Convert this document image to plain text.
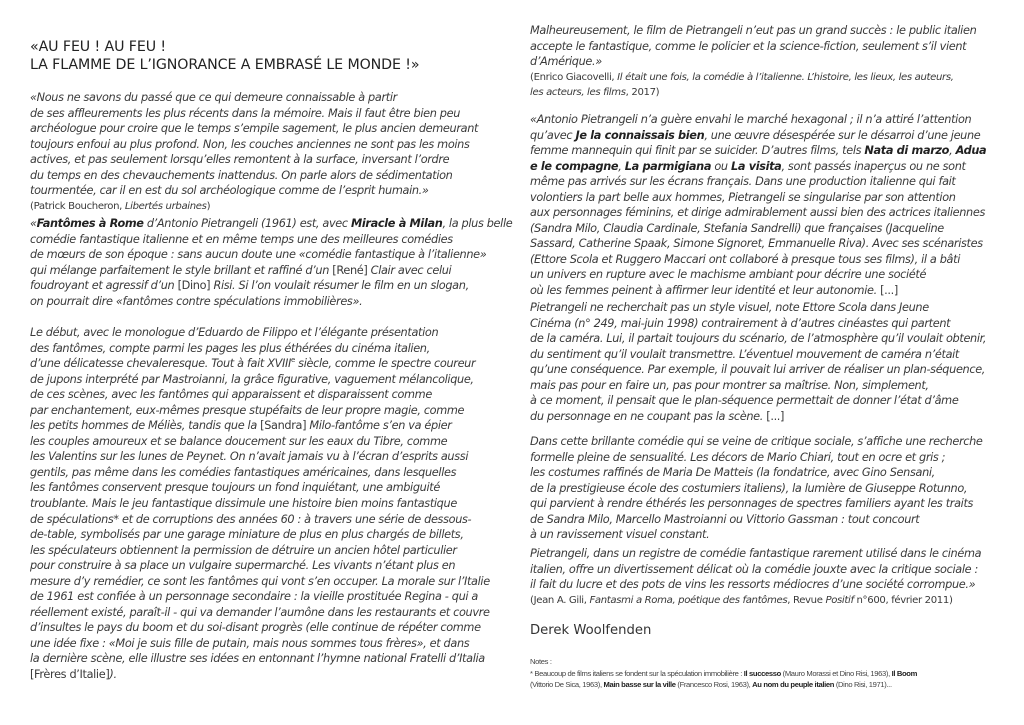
«AU FEU ! AU FEU !
LA FLAMME DE L’IGNORANCE A EMBRASÉ LE MONDE !»
«Nous ne savons du passé que ce qui demeure connaissable à partir
de ses affleurements les plus récents dans la mémoire. Mais il faut être bien peu
archéologue pour croire que le temps s’empile sagement, le plus ancien demeurant
toujours enfoui au plus profond. Non, les couches anciennes ne sont pas les moins
actives, et pas seulement lorsqu’elles remontent à la surface, inversant l’ordre
du temps en des chevauchements inattendus. On parle alors de sédimentation
tourmentée, car il en est du sol archéologique comme de l’esprit humain.»
(Patrick Boucheron, Libertés urbaines)
«Fantômes à Rome d’Antonio Pietrangeli (1961) est, avec Miracle à Milan, la plus belle
comédie fantastique italienne et en même temps une des meilleures comédies
de mœurs de son époque : sans aucun doute une «comédie fantastique à l’italienne»
qui mélange parfaitement le style brillant et raffiné d’un [René] Clair avec celui
foudroyant et agressif d’un [Dino] Risi. Si l’on voulait résumer le film en un slogan,
on pourrait dire «fantômes contre spéculations immobilières».
Le début, avec le monologue d’Eduardo de Filippo et l’élégante présentation
des fantômes, compte parmi les pages les plus éthérées du cinéma italien,
d’une délicatesse chevaleresque. Tout à fait XVIIIe siècle, comme le spectre coureur
de jupons interprété par Mastroianni, la grâce figurative, vaguement mélancolique,
de ces scènes, avec les fantômes qui apparaissent et disparaissent comme
par enchantement, eux-mêmes presque stupéfaits de leur propre magie, comme
les petits hommes de Méliès, tandis que la [Sandra] Milo-fantôme s’en va épier
les couples amoureux et se balance doucement sur les eaux du Tibre, comme
les Valentins sur les lunes de Peynet. On n’avait jamais vu à l’écran d’esprits aussi
gentils, pas même dans les comédies fantastiques américaines, dans lesquelles
les fantômes conservent presque toujours un fond inquiétant, une ambiguité
troublante. Mais le jeu fantastique dissimule une histoire bien moins fantastique
de spéculations* et de corruptions des années 60 : à travers une série de dessous-
de-table, symbolisés par une garage miniature de plus en plus chargés de billets,
les spéculateurs obtiennent la permission de détruire un ancien hôtel particulier
pour construire à sa place un vulgaire supermarché. Les vivants n’étant plus en
mesure d’y remédier, ce sont les fantômes qui vont s’en occuper. La morale sur l’Italie
de 1961 est confiée à un personnage secondaire : la vieille prostituée Regina - qui a
réellement existé, paraît-il - qui va demander l’aumône dans les restaurants et couvre
d’insultes le pays du boom et du soi-disant progrès (elle continue de répéter comme
une idée fixe : «Moi je suis fille de putain, mais nous sommes tous frères», et dans
la dernière scène, elle illustre ses idées en entonnant l’hymne national Fratelli d’Italia
[Frères d’Italie]).
Malheureusement, le film de Pietrangeli n’eut pas un grand succès : le public italien
accepte le fantastique, comme le policier et la science-fiction, seulement s’il vient
d’Amérique.»
(Enrico Giacovelli, Il était une fois, la comédie à l’italienne. L’histoire, les lieux, les auteurs,
les acteurs, les films, 2017)
«Antonio Pietrangeli n’a guère envahi le marché hexagonal ; il n’a attiré l’attention
qu’avec Je la connaissais bien, une œuvre désespérée sur le désarroi d’une jeune
femme mannequin qui finit par se suicider. D’autres films, tels Nata di marzo, Adua
e le compagne, La parmigiana ou La visita, sont passés inaperçus ou ne sont
même pas arrivés sur les écrans français. Dans une production italienne qui fait
volontiers la part belle aux hommes, Pietrangeli se singularise par son attention
aux personnages féminins, et dirige admirablement aussi bien des actrices italiennes
(Sandra Milo, Claudia Cardinale, Stefania Sandrelli) que françaises (Jacqueline
Sassard, Catherine Spaak, Simone Signoret, Emmanuelle Riva). Avec ses scénaristes
(Ettore Scola et Ruggero Maccari ont collaboré à presque tous ses films), il a bâti
un univers en rupture avec le machisme ambiant pour décrire une société
où les femmes peinent à affirmer leur identité et leur autonomie. [...]
Pietrangeli ne recherchait pas un style visuel, note Ettore Scola dans Jeune
Cinéma (n° 249, mai-juin 1998) contrairement à d’autres cinéastes qui partent
de la caméra. Lui, il partait toujours du scénario, de l’atmosphère qu’il voulait obtenir,
du sentiment qu’il voulait transmettre. L’éventuel mouvement de caméra n’était
qu’une conséquence. Par exemple, il pouvait lui arriver de réaliser un plan-séquence,
mais pas pour en faire un, pas pour montrer sa maîtrise. Non, simplement,
à ce moment, il pensait que le plan-séquence permettait de donner l’état d’âme
du personnage en ne coupant pas la scène. [...]
Dans cette brillante comédie qui se veine de critique sociale, s’affiche une recherche
formelle pleine de sensualité. Les décors de Mario Chiari, tout en ocre et gris ;
les costumes raffinés de Maria De Matteis (la fondatrice, avec Gino Sensani,
de la prestigieuse école des costumiers italiens), la lumière de Giuseppe Rotunno,
qui parvient à rendre éthérés les personnages de spectres familiers ayant les traits
de Sandra Milo, Marcello Mastroianni ou Vittorio Gassman : tout concourt
à un ravissement visuel constant.
Pietrangeli, dans un registre de comédie fantastique rarement utilisé dans le cinéma
italien, offre un divertissement délicat où la comédie jouxte avec la critique sociale :
il fait du lucre et des pots de vins les ressorts médiocres d’une société corrompue.»
(Jean A. Gili, Fantasmi a Roma, poétique des fantômes, Revue Positif n°600, février 2011)
Derek Woolfenden
Notes :
* Beaucoup de films italiens se fondent sur la spéculation immobilière : Il successo (Mauro Morassi et Dino Risi, 1963), Il Boom
(Vittorio De Sica, 1963), Main basse sur la ville (Francesco Rosi, 1963), Au nom du peuple italien (Dino Risi, 1971)...
